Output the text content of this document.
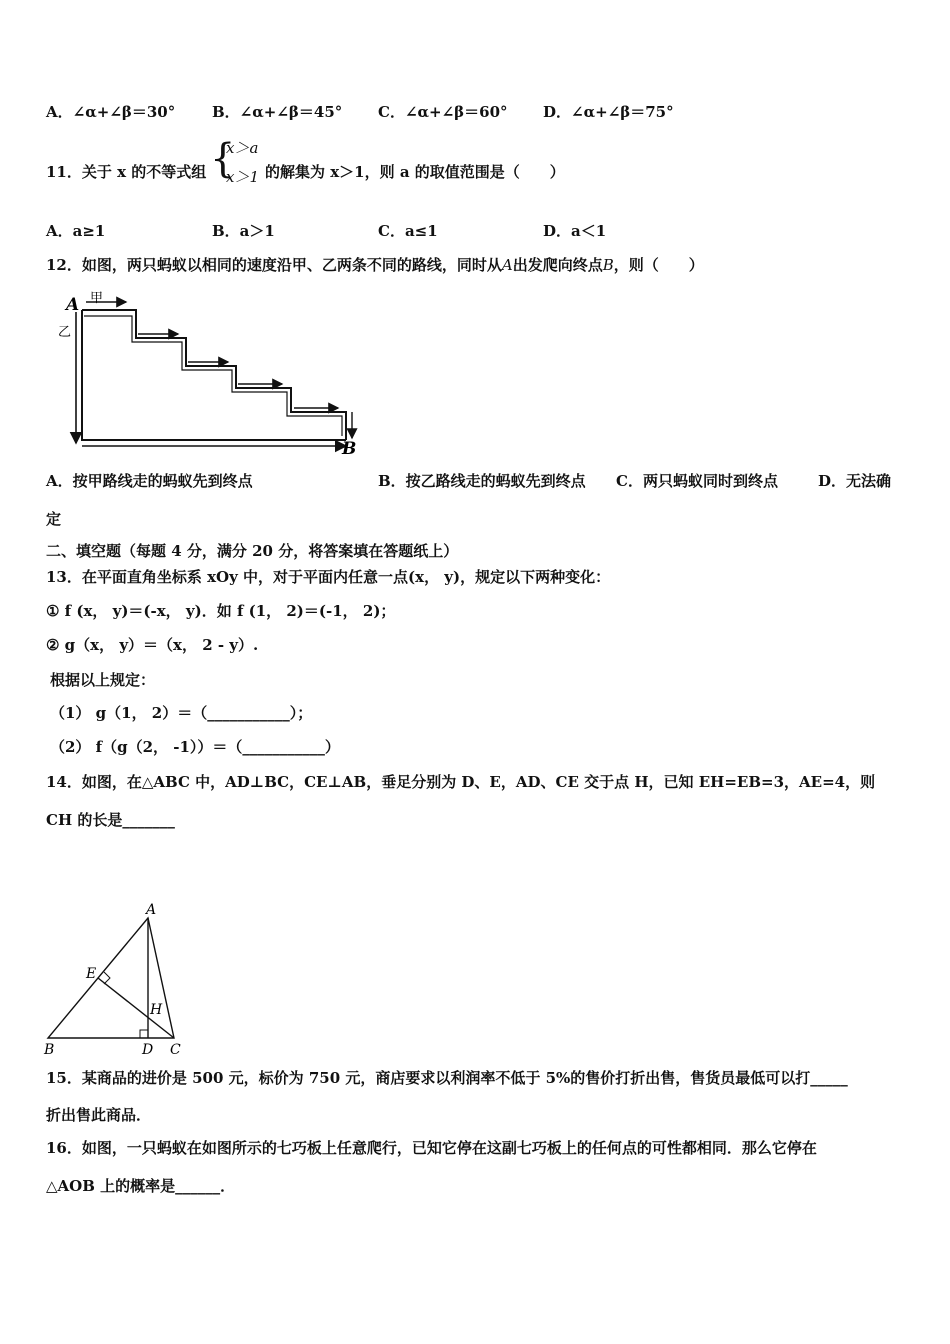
A．∠α+∠β＝30° B．∠α+∠β＝45° C．∠α+∠β＝60° D．∠α+∠β＝75°
11．关于 x 的不等式组 {
x＞a
x＞1 的解集为 x＞1，则 a 的取值范围是（　　）
A．a≥1	B．a＞1	C．a≤1	D．a＜1
12．如图，两只蚂蚁以相同的速度沿甲、乙两条不同的路线，同时从A出发爬向终点B，则（　　）
A 甲
乙
B
A．按甲路线走的蚂蚁先到终点	B．按乙路线走的蚂蚁先到终点 C．两只蚂蚁同时到终点	D．无法确
定
二、填空题（每题 4 分，满分 20 分，将答案填在答题纸上）
13．在平面直角坐标系 xOy 中，对于平面内任意一点(x， y)，规定以下两种变化：
① f (x， y)＝(-x， y)．如 f (1， 2)＝(-1， 2)；
② g（x， y）＝（x， 2 - y）.
根据以上规定：
（1） g（1， 2）＝（___________）；
（2） f（g（2， -1））＝（___________）
14．如图，在△ABC 中，AD⊥BC，CE⊥AB，垂足分别为 D、E，AD、CE 交于点 H，已知 EH=EB=3，AE=4，则
CH 的长是_______
A
B	C
D
E
H
15．某商品的进价是 500 元，标价为 750 元，商店要求以利润率不低于 5%的售价打折出售，售货员最低可以打_____
折出售此商品．
16．如图，一只蚂蚁在如图所示的七巧板上任意爬行，已知它停在这副七巧板上的任何点的可性都相同．那么它停在
△AOB 上的概率是______．
